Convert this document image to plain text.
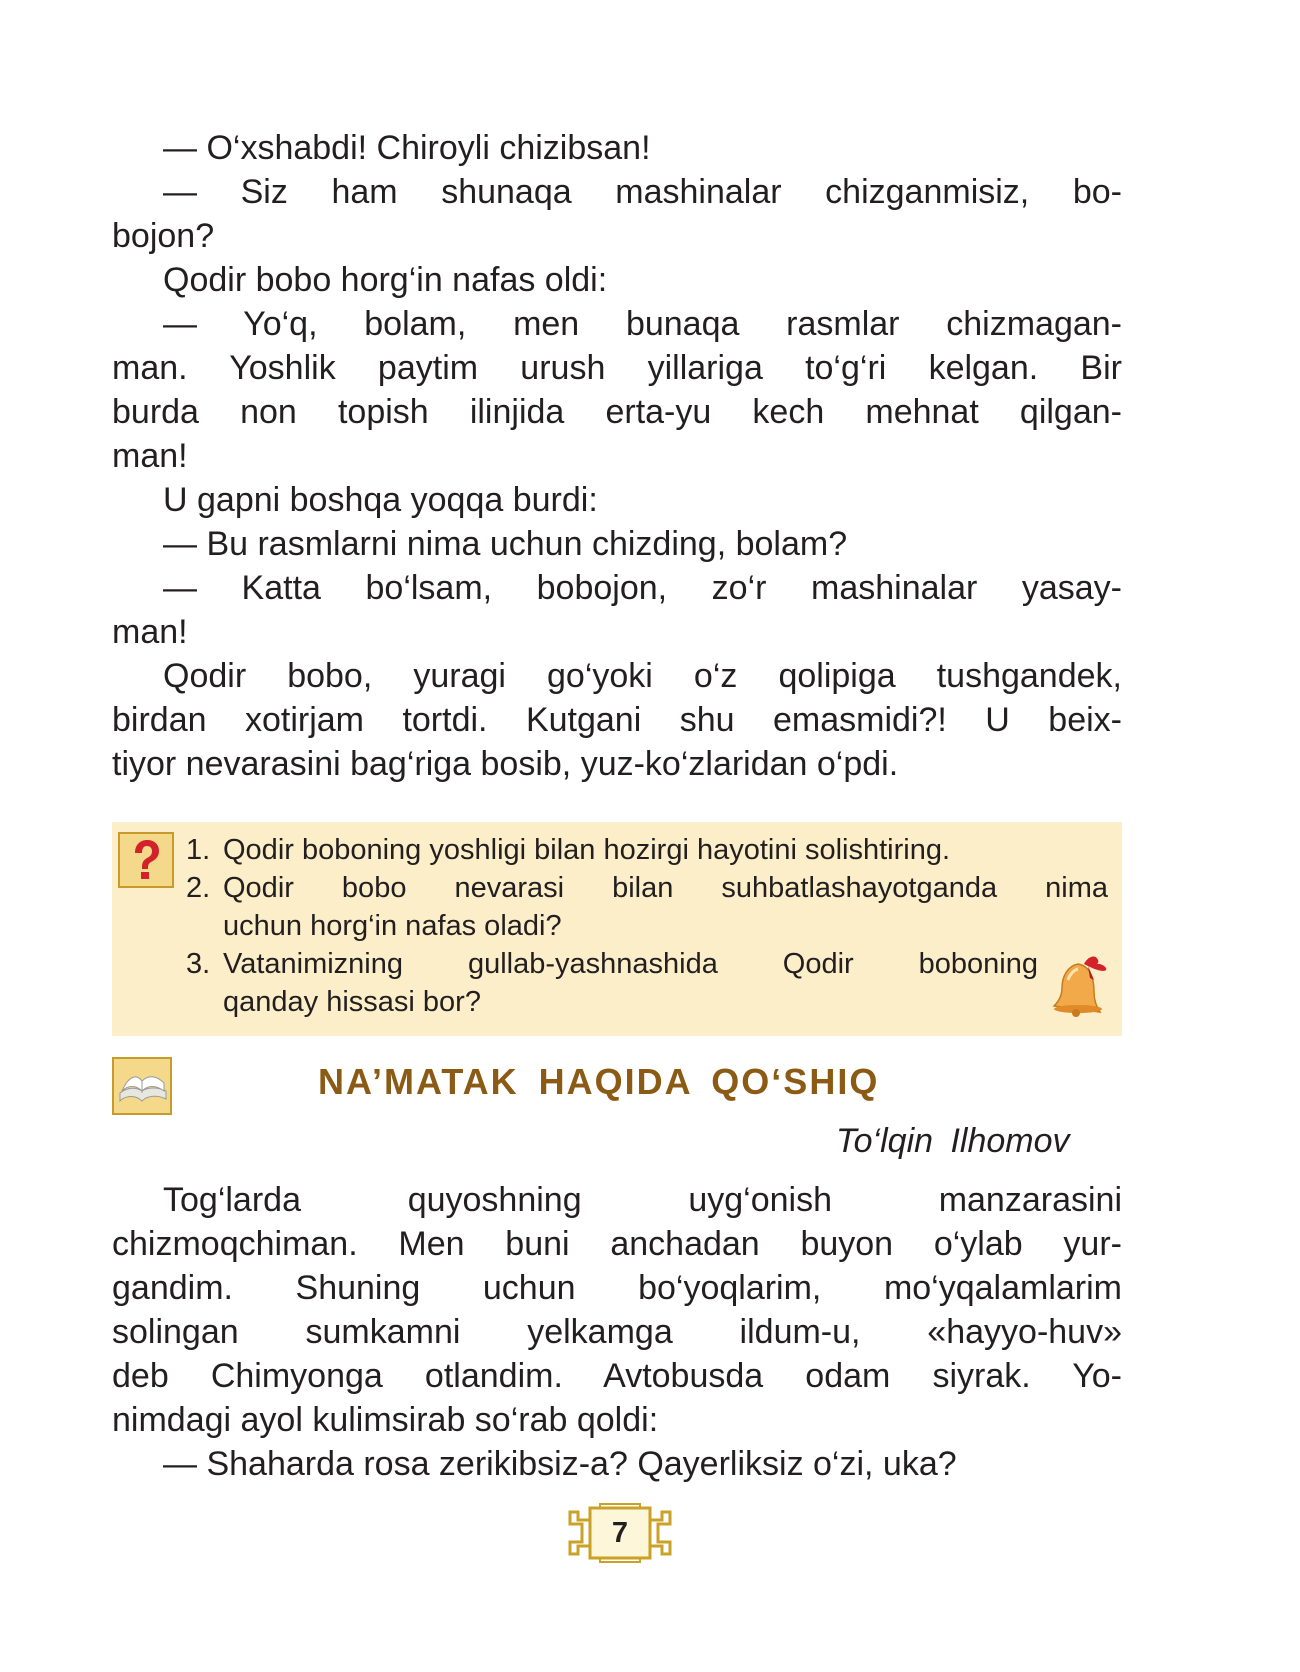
— O‘xshabdi! Chiroyli chizibsan!
— Siz ham shunaqa mashinalar chizganmisiz, bo-
bojon?
Qodir bobo horg‘in nafas oldi:
— Yo‘q, bolam, men bunaqa rasmlar chizmagan-
man. Yoshlik paytim urush yillariga to‘g‘ri kelgan. Bir
burda non topish ilinjida erta-yu kech mehnat qilgan-
man!
U gapni boshqa yoqqa burdi:
— Bu rasmlarni nima uchun chizding, bolam?
— Katta bo‘lsam, bobojon, zo‘r mashinalar yasay-
man!
Qodir bobo, yuragi go‘yoki o‘z qolipiga tushgandek,
birdan xotirjam tortdi. Kutgani shu emasmidi?! U beix-
tiyor nevarasini bag‘riga bosib, yuz-ko‘zlaridan o‘pdi.
1. Qodir boboning yoshligi bilan hozirgi hayotini solishtiring.
2. Qodir bobo nevarasi bilan suhbatlashayotganda nima
uchun horg‘in nafas oladi?
3. Vatanimizning gullab-yashnashida Qodir boboning
qanday hissasi bor?
NA’MATAK HAQIDA QO‘SHIQ
To‘lqin Ilhomov
Tog‘larda quyoshning uyg‘onish manzarasini
chizmoqchiman. Men buni anchadan buyon o‘ylab yur-
gandim. Shuning uchun bo‘yoqlarim, mo‘yqalamlarim
solingan sumkamni yelkamga ildum-u, «hayyo-huv»
deb Chimyonga otlandim. Avtobusda odam siyrak. Yo-
nimdagi ayol kulimsirab so‘rab qoldi:
— Shaharda rosa zerikibsiz-a? Qayerliksiz o‘zi, uka?
7
